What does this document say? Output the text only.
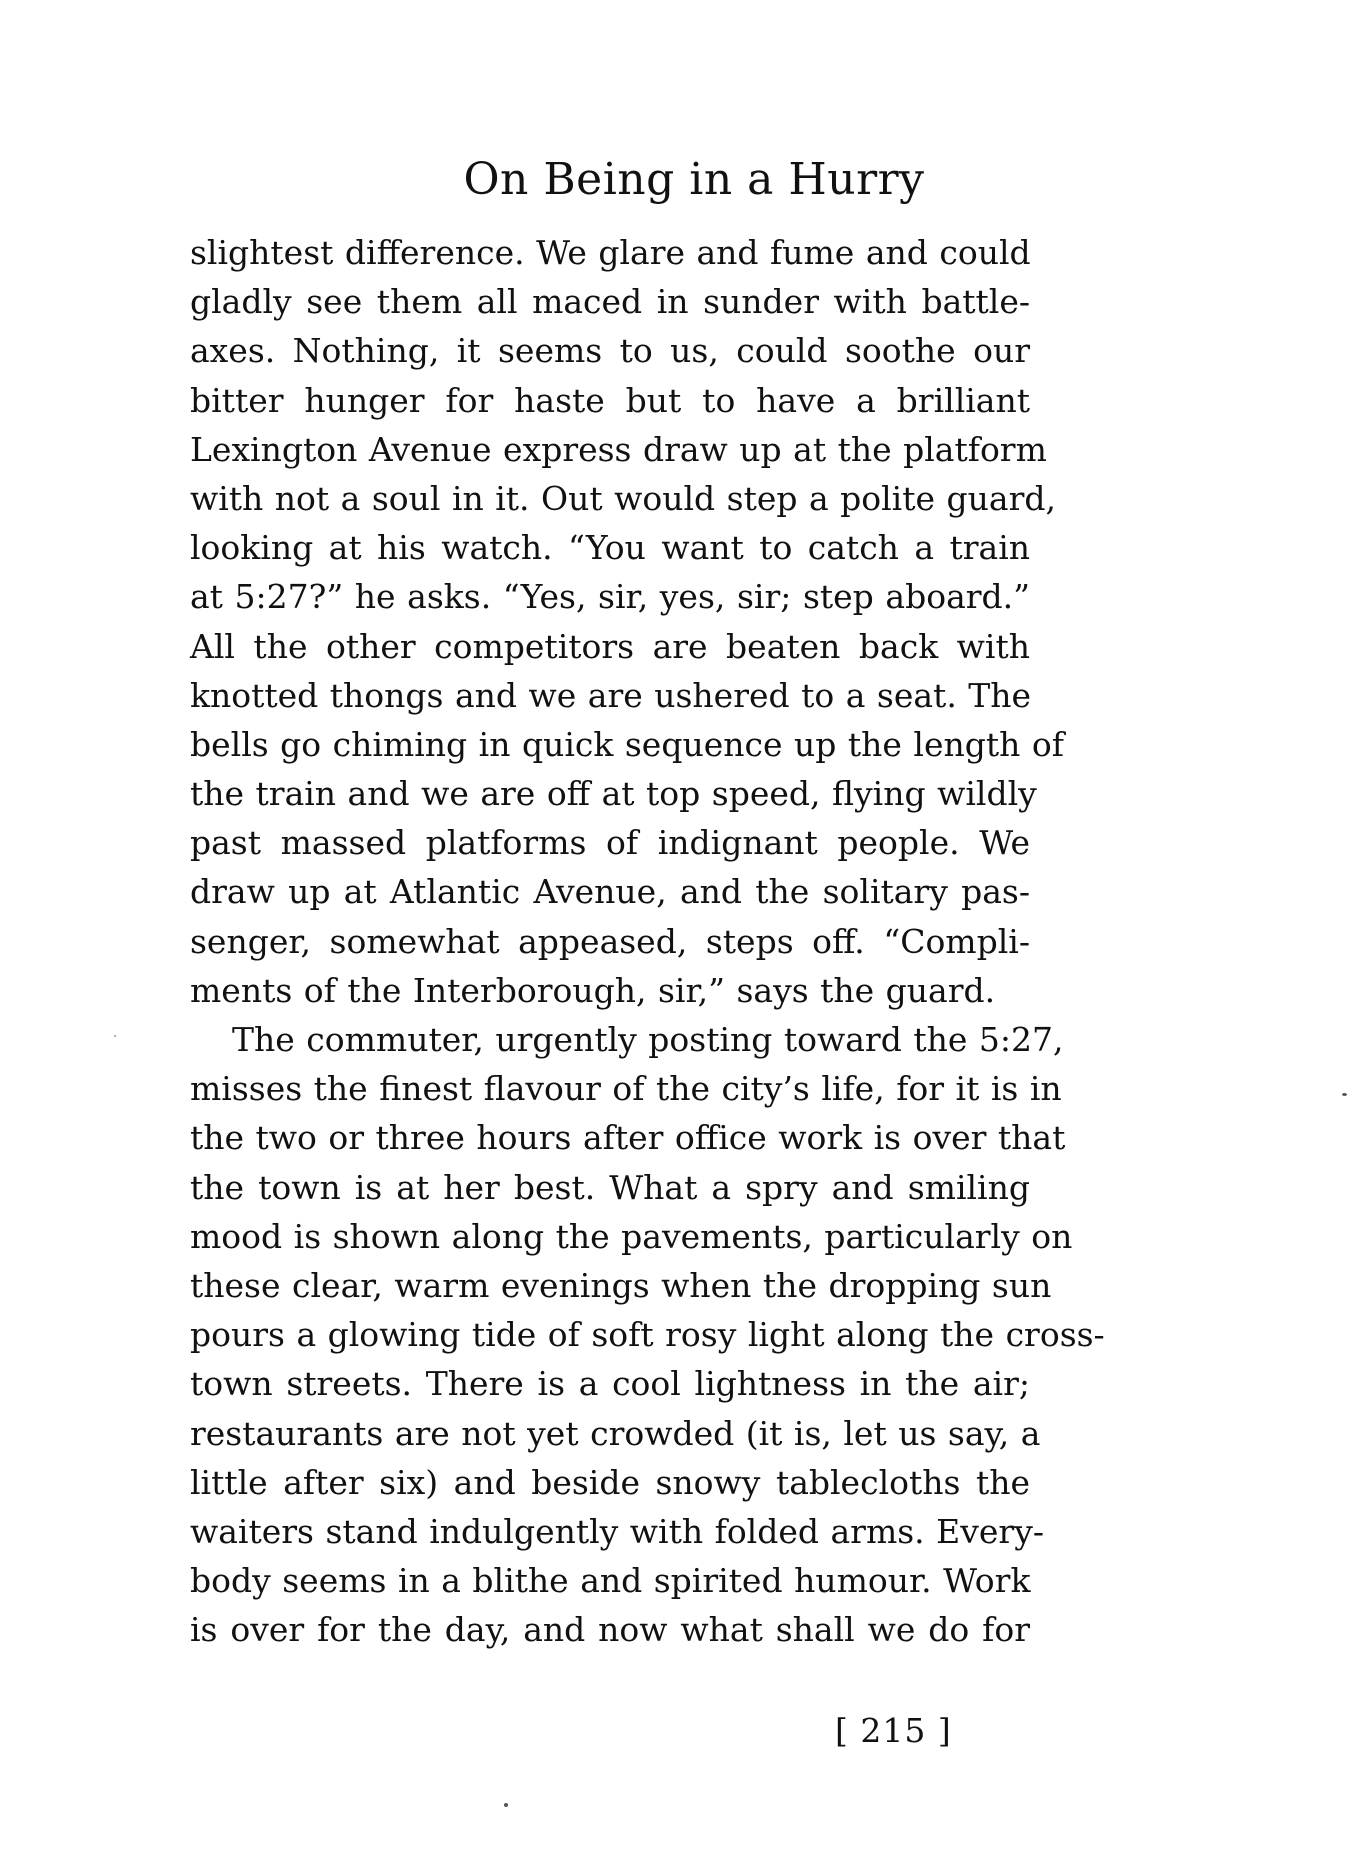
On Being in a Hurry
slightest difference. We glare and fume and could
gladly see them all maced in sunder with battle-
axes. Nothing, it seems to us, could soothe our
bitter hunger for haste but to have a brilliant
Lexington Avenue express draw up at the platform
with not a soul in it. Out would step a polite guard,
looking at his watch. “You want to catch a train
at 5:27?” he asks. “Yes, sir, yes, sir; step aboard.”
All the other competitors are beaten back with
knotted thongs and we are ushered to a seat. The
bells go chiming in quick sequence up the length of
the train and we are off at top speed, flying wildly
past massed platforms of indignant people. We
draw up at Atlantic Avenue, and the solitary pas-
senger, somewhat appeased, steps off. “Compli-
ments of the Interborough, sir,” says the guard.
The commuter, urgently posting toward the 5:27,
misses the finest flavour of the city’s life, for it is in
the two or three hours after office work is over that
the town is at her best. What a spry and smiling
mood is shown along the pavements, particularly on
these clear, warm evenings when the dropping sun
pours a glowing tide of soft rosy light along the cross-
town streets. There is a cool lightness in the air;
restaurants are not yet crowded (it is, let us say, a
little after six) and beside snowy tablecloths the
waiters stand indulgently with folded arms. Every-
body seems in a blithe and spirited humour. Work
is over for the day, and now what shall we do for
[ 215 ]
